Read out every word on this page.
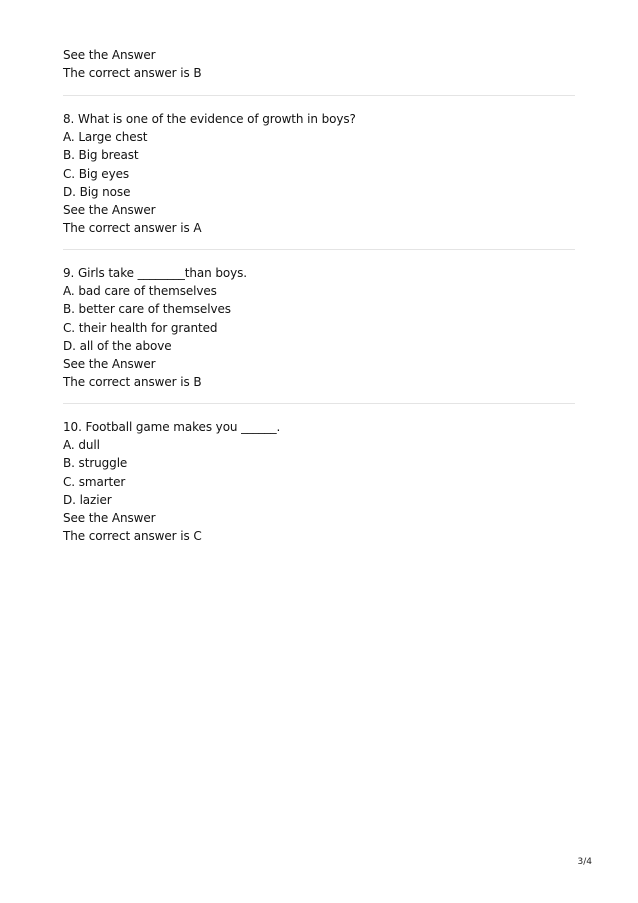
See the Answer
The correct answer is B
8. What is one of the evidence of growth in boys?
A. Large chest
B. Big breast
C. Big eyes
D. Big nose
See the Answer
The correct answer is A
9. Girls take ________than boys.
A. bad care of themselves
B. better care of themselves
C. their health for granted
D. all of the above
See the Answer
The correct answer is B
10. Football game makes you ______.
A. dull
B. struggle
C. smarter
D. lazier
See the Answer
The correct answer is C
3/4
